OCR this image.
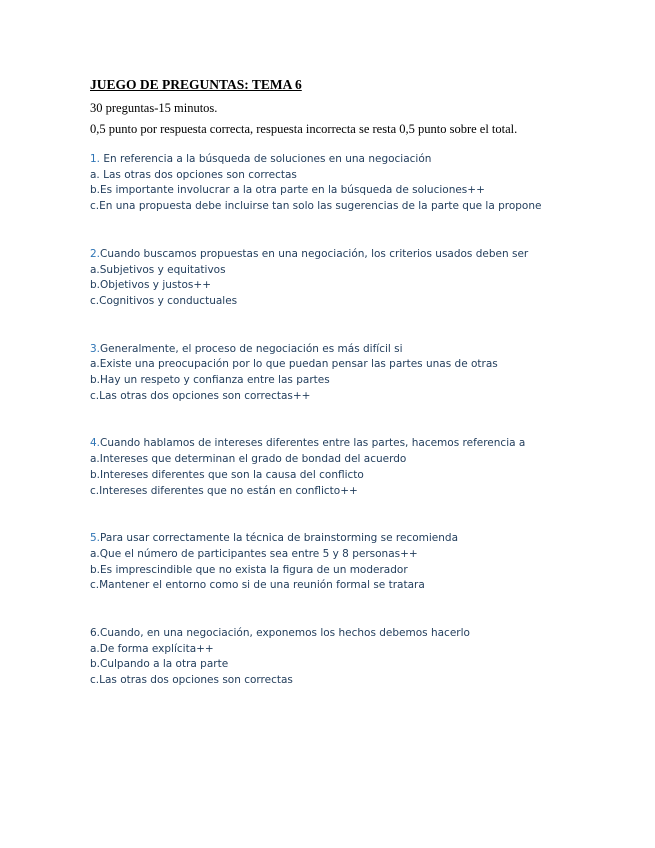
JUEGO DE PREGUNTAS: TEMA 6
30 preguntas-15 minutos.
0,5 punto por respuesta correcta, respuesta incorrecta se resta 0,5 punto sobre el total.
1. En referencia a la búsqueda de soluciones en una negociación
a. Las otras dos opciones son correctas
b.Es importante involucrar a la otra parte en la búsqueda de soluciones++
c.En una propuesta debe incluirse tan solo las sugerencias de la parte que la propone
2.Cuando buscamos propuestas en una negociación, los criterios usados deben ser
a.Subjetivos y equitativos
b.Objetivos y justos++
c.Cognitivos y conductuales
3.Generalmente, el proceso de negociación es más difícil si
a.Existe una preocupación por lo que puedan pensar las partes unas de otras
b.Hay un respeto y confianza entre las partes
c.Las otras dos opciones son correctas++
4.Cuando hablamos de intereses diferentes entre las partes, hacemos referencia a
a.Intereses que determinan el grado de bondad del acuerdo
b.Intereses diferentes que son la causa del conflicto
c.Intereses diferentes que no están en conflicto++
5.Para usar correctamente la técnica de brainstorming se recomienda
a.Que el número de participantes sea entre 5 y 8 personas++
b.Es imprescindible que no exista la figura de un moderador
c.Mantener el entorno como si de una reunión formal se tratara
6.Cuando, en una negociación, exponemos los hechos debemos hacerlo
a.De forma explícita++
b.Culpando a la otra parte
c.Las otras dos opciones son correctas
